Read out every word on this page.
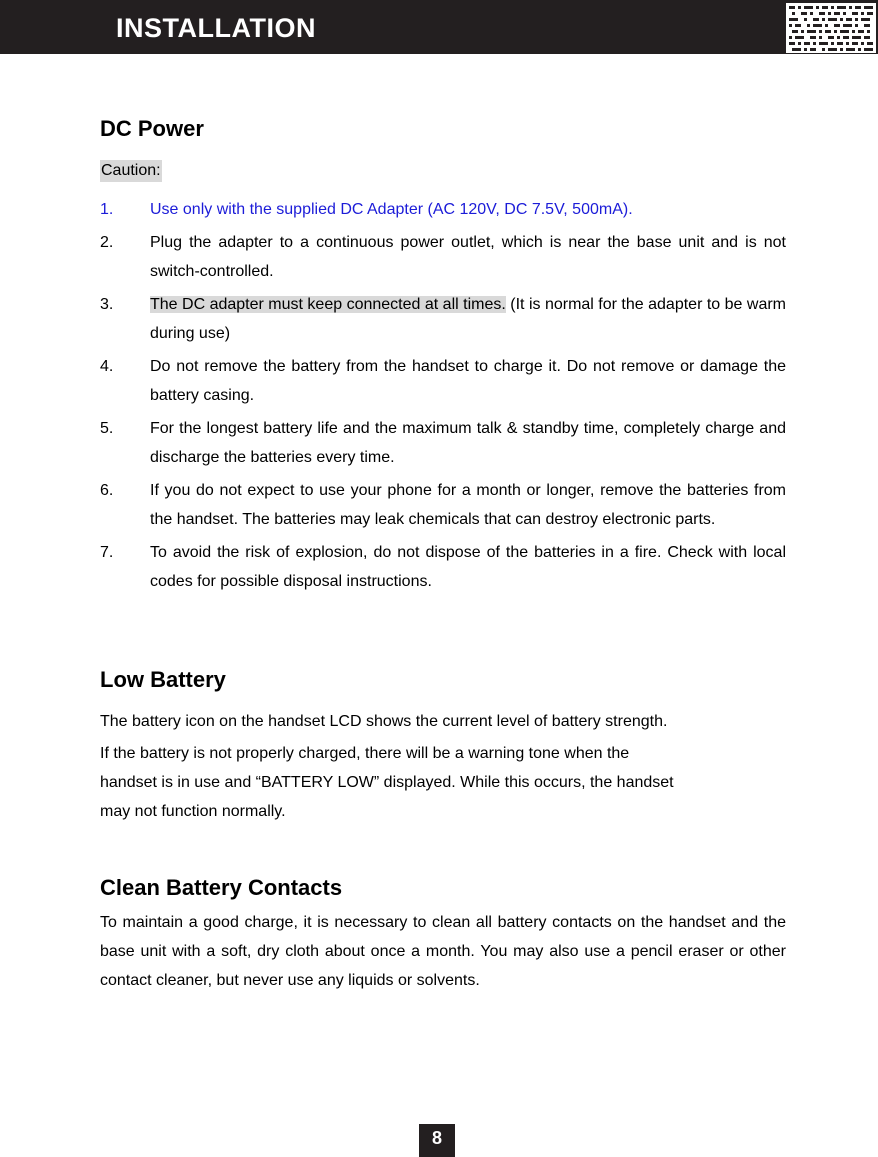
INSTALLATION
DC Power
Caution:
1. Use only with the supplied DC Adapter (AC 120V, DC 7.5V, 500mA).
2. Plug the adapter to a continuous power outlet, which is near the base unit and is not switch-controlled.
3. The DC adapter must keep connected at all times. (It is normal for the adapter to be warm during use)
4. Do not remove the battery from the handset to charge it. Do not remove or damage the battery casing.
5. For the longest battery life and the maximum talk & standby time, completely charge and discharge the batteries every time.
6. If you do not expect to use your phone for a month or longer, remove the batteries from the handset. The batteries may leak chemicals that can destroy electronic parts.
7. To avoid the risk of explosion, do not dispose of the batteries in a fire. Check with local codes for possible disposal instructions.
Low Battery

The battery icon on the handset LCD shows the current level of battery strength.

If the battery is not properly charged, there will be a warning tone when the
handset is in use and “BATTERY LOW” displayed. While this occurs, the handset
may not function normally.
Clean Battery Contacts

To maintain a good charge, it is necessary to clean all battery contacts on the handset and the base unit with a soft, dry cloth about once a month. You may also use a pencil eraser or other contact cleaner, but never use any liquids or solvents.

8
